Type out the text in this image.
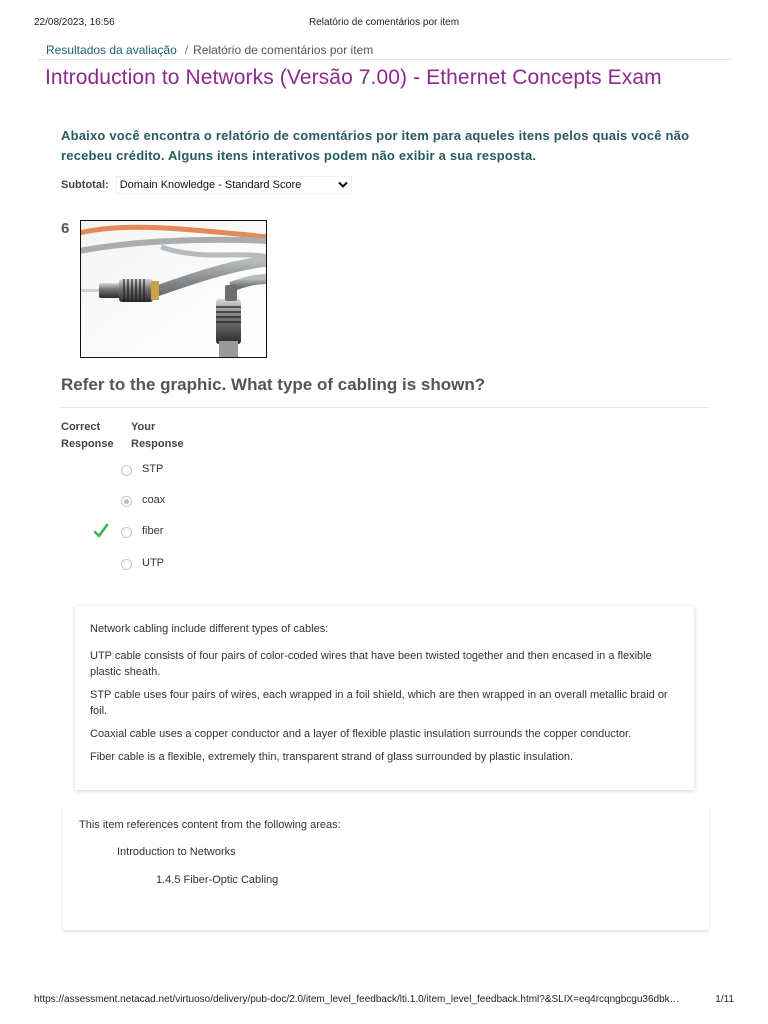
22/08/2023, 16:56	Relatório de comentários por item
Resultados da avaliação / Relatório de comentários por item
Introduction to Networks (Versão 7.00) - Ethernet Concepts Exam
Abaixo você encontra o relatório de comentários por item para aqueles itens pelos quais você não recebeu crédito. Alguns itens interativos podem não exibir a sua resposta.
Subtotal: Domain Knowledge - Standard Score
6
Refer to the graphic. What type of cabling is shown?
Correct
Response
Your
Response
STP
coax
fiber
UTP

Network cabling include different types of cables:

UTP cable consists of four pairs of color-coded wires that have been twisted together and then encased in a flexible plastic sheath.

STP cable uses four pairs of wires, each wrapped in a foil shield, which are then wrapped in an overall metallic braid or foil.

Coaxial cable uses a copper conductor and a layer of flexible plastic insulation surrounds the copper conductor.

Fiber cable is a flexible, extremely thin, transparent strand of glass surrounded by plastic insulation.

This item references content from the following areas:
Introduction to Networks
1.4.5 Fiber-Optic Cabling
https://assessment.netacad.net/virtuoso/delivery/pub-doc/2.0/item_level_feedback/lti.1.0/item_level_feedback.html?&SLIX=eq4rcqngbcgu36dbk…	1/11
